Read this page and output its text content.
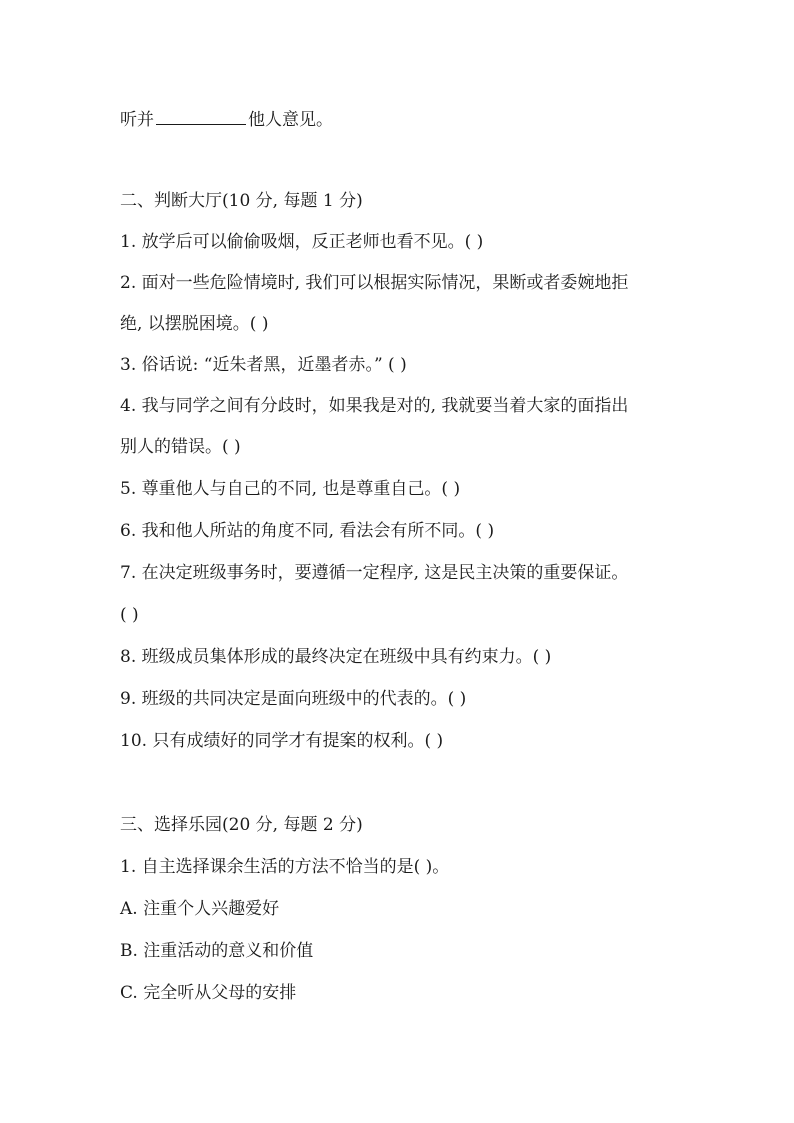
听并	他人意见。
二、判断大厅(10 分, 每题 1 分)
1. 放学后可以偷偷吸烟，反正老师也看不见。( )
2. 面对一些危险情境时, 我们可以根据实际情况，果断或者委婉地拒
绝, 以摆脱困境。( )
3. 俗话说: “近朱者黑，近墨者赤。” ( )
4. 我与同学之间有分歧时，如果我是对的, 我就要当着大家的面指出
别人的错误。( )
5. 尊重他人与自己的不同, 也是尊重自己。( )
6. 我和他人所站的角度不同, 看法会有所不同。( )
7. 在决定班级事务时，要遵循一定程序, 这是民主决策的重要保证。
( )
8. 班级成员集体形成的最终决定在班级中具有约束力。( )
9. 班级的共同决定是面向班级中的代表的。( )
10. 只有成绩好的同学才有提案的权利。( )
三、选择乐园(20 分, 每题 2 分)
1. 自主选择课余生活的方法不恰当的是( )。
A. 注重个人兴趣爱好
B. 注重活动的意义和价值
C. 完全听从父母的安排
